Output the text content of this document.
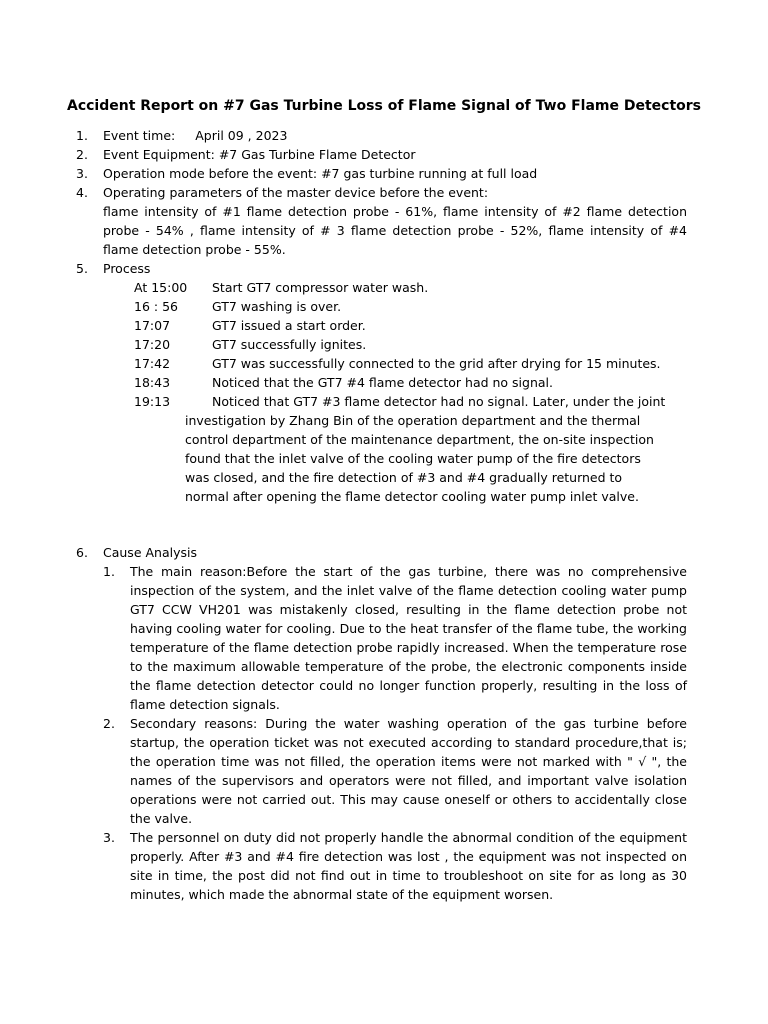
Accident Report on #7 Gas Turbine Loss of Flame Signal of Two Flame Detectors
1.	Event time: April 09 , 2023
2.	Event Equipment: #7 Gas Turbine Flame Detector
3.	Operation mode before the event: #7 gas turbine running at full load
4.	Operating parameters of the master device before the event:
flame intensity of #1 flame detection probe - 61%, flame intensity of #2 flame detection probe - 54% , flame intensity of # 3 flame detection probe - 52%, flame intensity of #4 flame detection probe - 55%.
5.	Process
At 15:00 Start GT7 compressor water wash.
16 : 56	GT7 washing is over.
17:07	GT7 issued a start order.
17:20	GT7 successfully ignites.
17:42	GT7 was successfully connected to the grid after drying for 15 minutes.
18:43	Noticed that the GT7 #4 flame detector had no signal.
19:13	Noticed that GT7 #3 flame detector had no signal. Later, under the joint
investigation by Zhang Bin of the operation department and the thermal control department of the maintenance department, the on-site inspection found that the inlet valve of the cooling water pump of the fire detectors was closed, and the fire detection of #3 and #4 gradually returned to normal after opening the flame detector cooling water pump inlet valve.
6.	Cause Analysis
1.	The main reason:Before the start of the gas turbine, there was no comprehensive inspection of the system, and the inlet valve of the flame detection cooling water pump GT7 CCW VH201 was mistakenly closed, resulting in the flame detection probe not having cooling water for cooling. Due to the heat transfer of the flame tube, the working temperature of the flame detection probe rapidly increased. When the temperature rose to the maximum allowable temperature of the probe, the electronic components inside the flame detection detector could no longer function properly, resulting in the loss of flame detection signals.
2.	Secondary reasons: During the water washing operation of the gas turbine before startup, the operation ticket was not executed according to standard procedure,that is; the operation time was not filled, the operation items were not marked with " √ ", the names of the supervisors and operators were not filled, and important valve isolation operations were not carried out. This may cause oneself or others to accidentally close the valve.
3.	The personnel on duty did not properly handle the abnormal condition of the equipment properly. After #3 and #4 fire detection was lost , the equipment was not inspected on site in time, the post did not find out in time to troubleshoot on site for as long as 30 minutes, which made the abnormal state of the equipment worsen.
